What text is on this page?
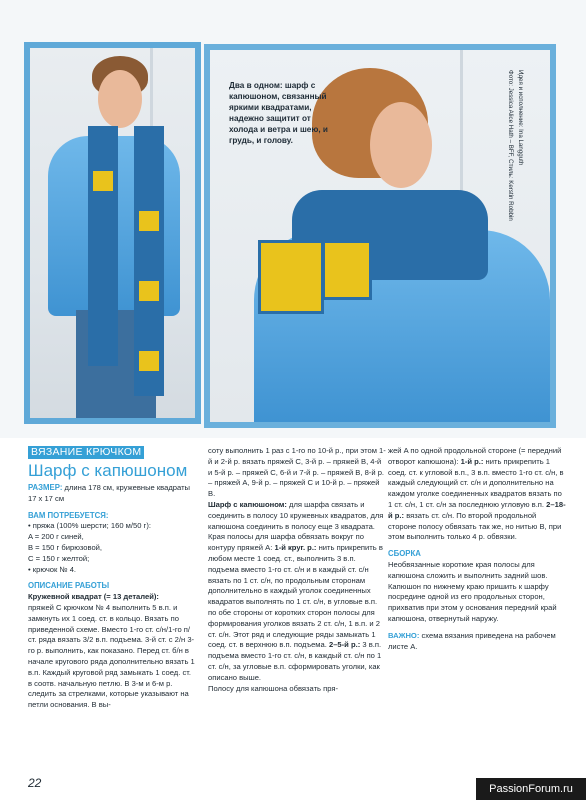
Два в одном: шарф с капюшоном, связанный яркими квадратами, надежно защитит от холода и ветра и шею, и грудь, и голову.	Идея и исполнение: Ina Langguth
Фото: Jessica Alice Hath – BFF, Стиль: Kerstin Robbin
ВЯЗАНИЕ КРЮЧКОМ
Шарф с капюшоном

РАЗМЕР: длина 178 см, кружевные квадраты 17 x 17 см

ВАМ ПОТРЕБУЕТСЯ:

• пряжа (100% шерсти; 160 м/50 г):

A = 200 г синей,

B = 150 г бирюзовой,

C = 150 г желтой;

• крючок № 4.

ОПИСАНИЕ РАБОТЫ

Кружевной квадрат (= 13 деталей):

пряжей C крючком № 4 выполнить 5 в.п. и замкнуть их 1 соед. ст. в кольцо. Вязать по приведенной схеме. Вместо 1-го ст. с/н/1-го п/ст. ряда вязать 3/2 в.п. подъема. 3-й ст. с 2/н 3-го р. выполнить, как показано. Перед ст. б/н в начале кругового ряда дополнительно вязать 1 в.п. Каждый круговой ряд замыкать 1 соед. ст. в соотв. начальную петлю. В 3-м и 6-м р. следить за стрелками, которые указывают на петли основания. В вы-

соту выполнить 1 раз с 1-го по 10-й р., при этом 1-й и 2-й р. вязать пряжей C, 3-й р. – пряжей B, 4-й и 5-й р. – пряжей C, 6-й и 7-й р. – пряжей B, 8-й р. – пряжей A, 9-й р. – пряжей C и 10-й р. – пряжей B.

Шарф с капюшоном: для шарфа связать и соединить в полосу 10 кружевных квадратов, для капюшона соединить в полосу еще 3 квадрата. Края полосы для шарфа обвязать вокруг по контуру пряжей A: 1-й круг. р.: нить прикрепить в любом месте 1 соед. ст., выполнить 3 в.п. подъема вместо 1-го ст. с/н и в каждый ст. с/н вязать по 1 ст. с/н, по продольным сторонам дополнительно в каждый уголок соединенных квадратов выполнять по 1 ст. с/н, в угловые в.п. по обе стороны от коротких сторон полосы для формирования уголков вязать 2 ст. с/н, 1 в.п. и 2 ст. с/н. Этот ряд и следующие ряды замыкать 1 соед. ст. в верхнюю в.п. подъема. 2–5-й р.: 3 в.п. подъема вместо 1-го ст. с/н, в каждый ст. с/н по 1 ст. с/н, за угловые в.п. сформировать уголки, как описано выше.

Полосу для капюшона обвязать пря-

жей A по одной продольной стороне (= передний отворот капюшона): 1-й р.: нить прикрепить 1 соед. ст. к угловой в.п., 3 в.п. вместо 1-го ст. с/н, в каждый следующий ст. с/н и дополнительно на каждом уголке соединенных квадратов вязать по 1 ст. с/н, 1 ст. с/н за последнюю угловую в.п. 2–18-й р.: вязать ст. с/н. По второй продольной стороне полосу обвязать так же, но нитью B, при этом выполнить только 4 р. обвязки.

СБОРКА

Необвязанные короткие края полосы для капюшона сложить и выполнить задний шов. Капюшон по нижнему краю пришить к шарфу посредине одной из его продольных сторон, прихватив при этом у основания передний край капюшона, отвернутый наружу.

ВАЖНО: схема вязания приведена на рабочем листе A.

22	PassionForum.ru
